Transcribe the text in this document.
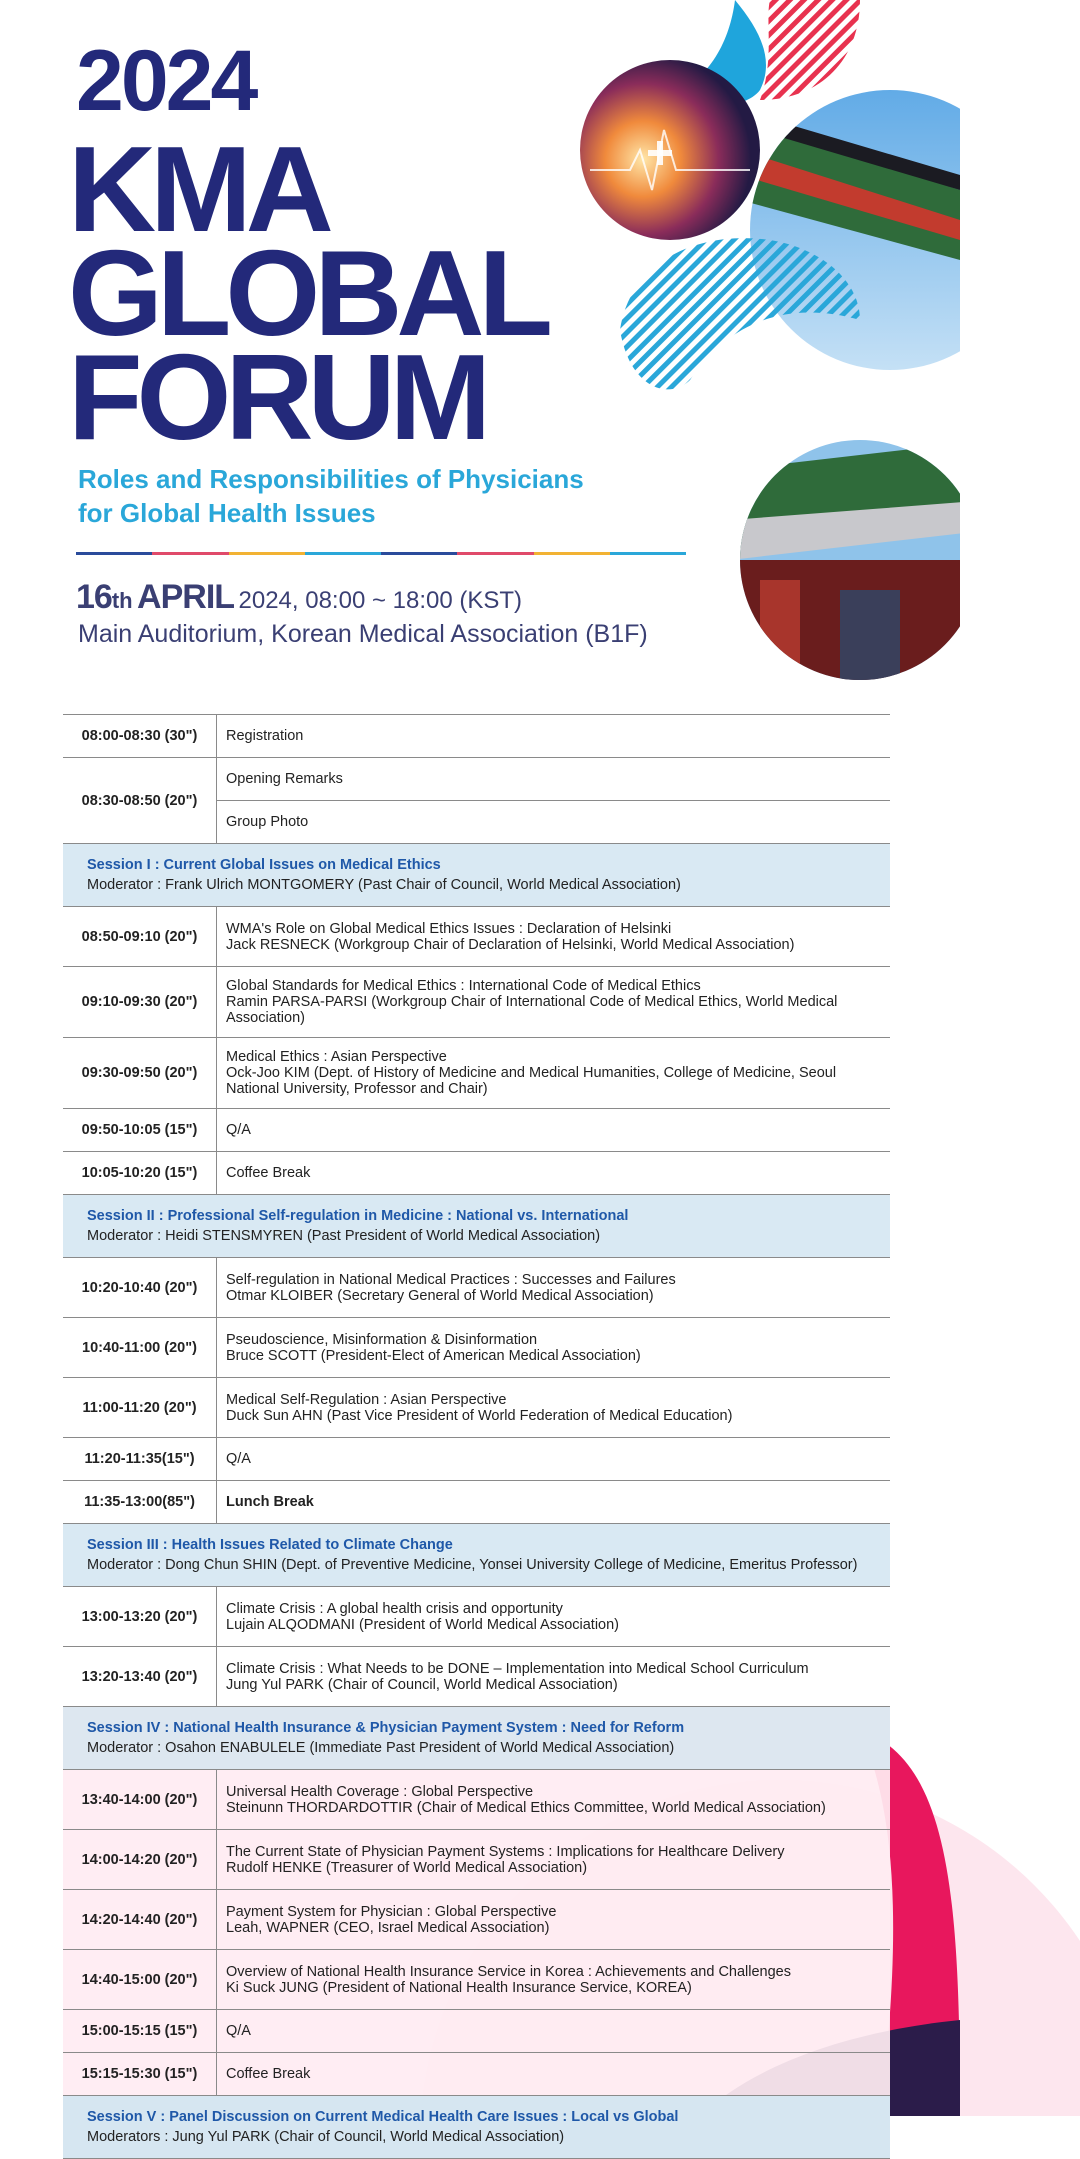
2024
KMA
GLOBAL
FORUM
Roles and Responsibilities of Physicians
for Global Health Issues
16th APRIL 2024, 08:00 ~ 18:00 (KST)
Main Auditorium, Korean Medical Association (B1F)
08:00-08:30 (30")	Registration
08:30-08:50 (20")	Opening Remarks
	Group Photo

Session I : Current Global Issues on Medical Ethics
Moderator : Frank Ulrich MONTGOMERY (Past Chair of Council, World Medical Association)	

08:50-09:10 (20")	WMA's Role on Global Medical Ethics Issues : Declaration of Helsinki
Jack RESNECK (Workgroup Chair of Declaration of Helsinki, World Medical Association)

09:10-09:30 (20")	Global Standards for Medical Ethics : International Code of Medical Ethics
Ramin PARSA-PARSI (Workgroup Chair of International Code of Medical Ethics, World Medical Association)

09:30-09:50 (20")	Medical Ethics : Asian Perspective
Ock-Joo KIM (Dept. of History of Medicine and Medical Humanities, College of Medicine, Seoul National University, Professor and Chair)

09:50-10:05 (15")	Q/A
10:05-10:20 (15")	Coffee Break

Session II : Professional Self-regulation in Medicine : National vs. International
Moderator : Heidi STENSMYREN (Past President of World Medical Association)	

10:20-10:40 (20")	Self-regulation in National Medical Practices : Successes and Failures
Otmar KLOIBER (Secretary General of World Medical Association)

10:40-11:00 (20")	Pseudoscience, Misinformation & Disinformation
Bruce SCOTT (President-Elect of American Medical Association)

11:00-11:20 (20")	Medical Self-Regulation : Asian Perspective
Duck Sun AHN (Past Vice President of World Federation of Medical Education)

11:20-11:35(15")	Q/A
11:35-13:00(85")	Lunch Break

Session III : Health Issues Related to Climate Change
Moderator : Dong Chun SHIN (Dept. of Preventive Medicine, Yonsei University College of Medicine, Emeritus Professor)	

13:00-13:20 (20")	Climate Crisis : A global health crisis and opportunity
Lujain ALQODMANI (President of World Medical Association)

13:20-13:40 (20")	Climate Crisis : What Needs to be DONE – Implementation into Medical School Curriculum
Jung Yul PARK (Chair of Council, World Medical Association)

Session IV : National Health Insurance & Physician Payment System : Need for Reform
Moderator : Osahon ENABULELE (Immediate Past President of World Medical Association)	

13:40-14:00 (20")	Universal Health Coverage : Global Perspective
Steinunn THORDARDOTTIR (Chair of Medical Ethics Committee, World Medical Association)

14:00-14:20 (20")	The Current State of Physician Payment Systems : Implications for Healthcare Delivery
Rudolf HENKE (Treasurer of World Medical Association)

14:20-14:40 (20")	Payment System for Physician : Global Perspective
Leah, WAPNER (CEO, Israel Medical Association)

14:40-15:00 (20")	Overview of National Health Insurance Service in Korea : Achievements and Challenges
Ki Suck JUNG (President of National Health Insurance Service, KOREA)

15:00-15:15 (15")	Q/A
15:15-15:30 (15")	Coffee Break

Session V : Panel Discussion on Current Medical Health Care Issues : Local vs Global
Moderators : Jung Yul PARK (Chair of Council, World Medical Association)	
